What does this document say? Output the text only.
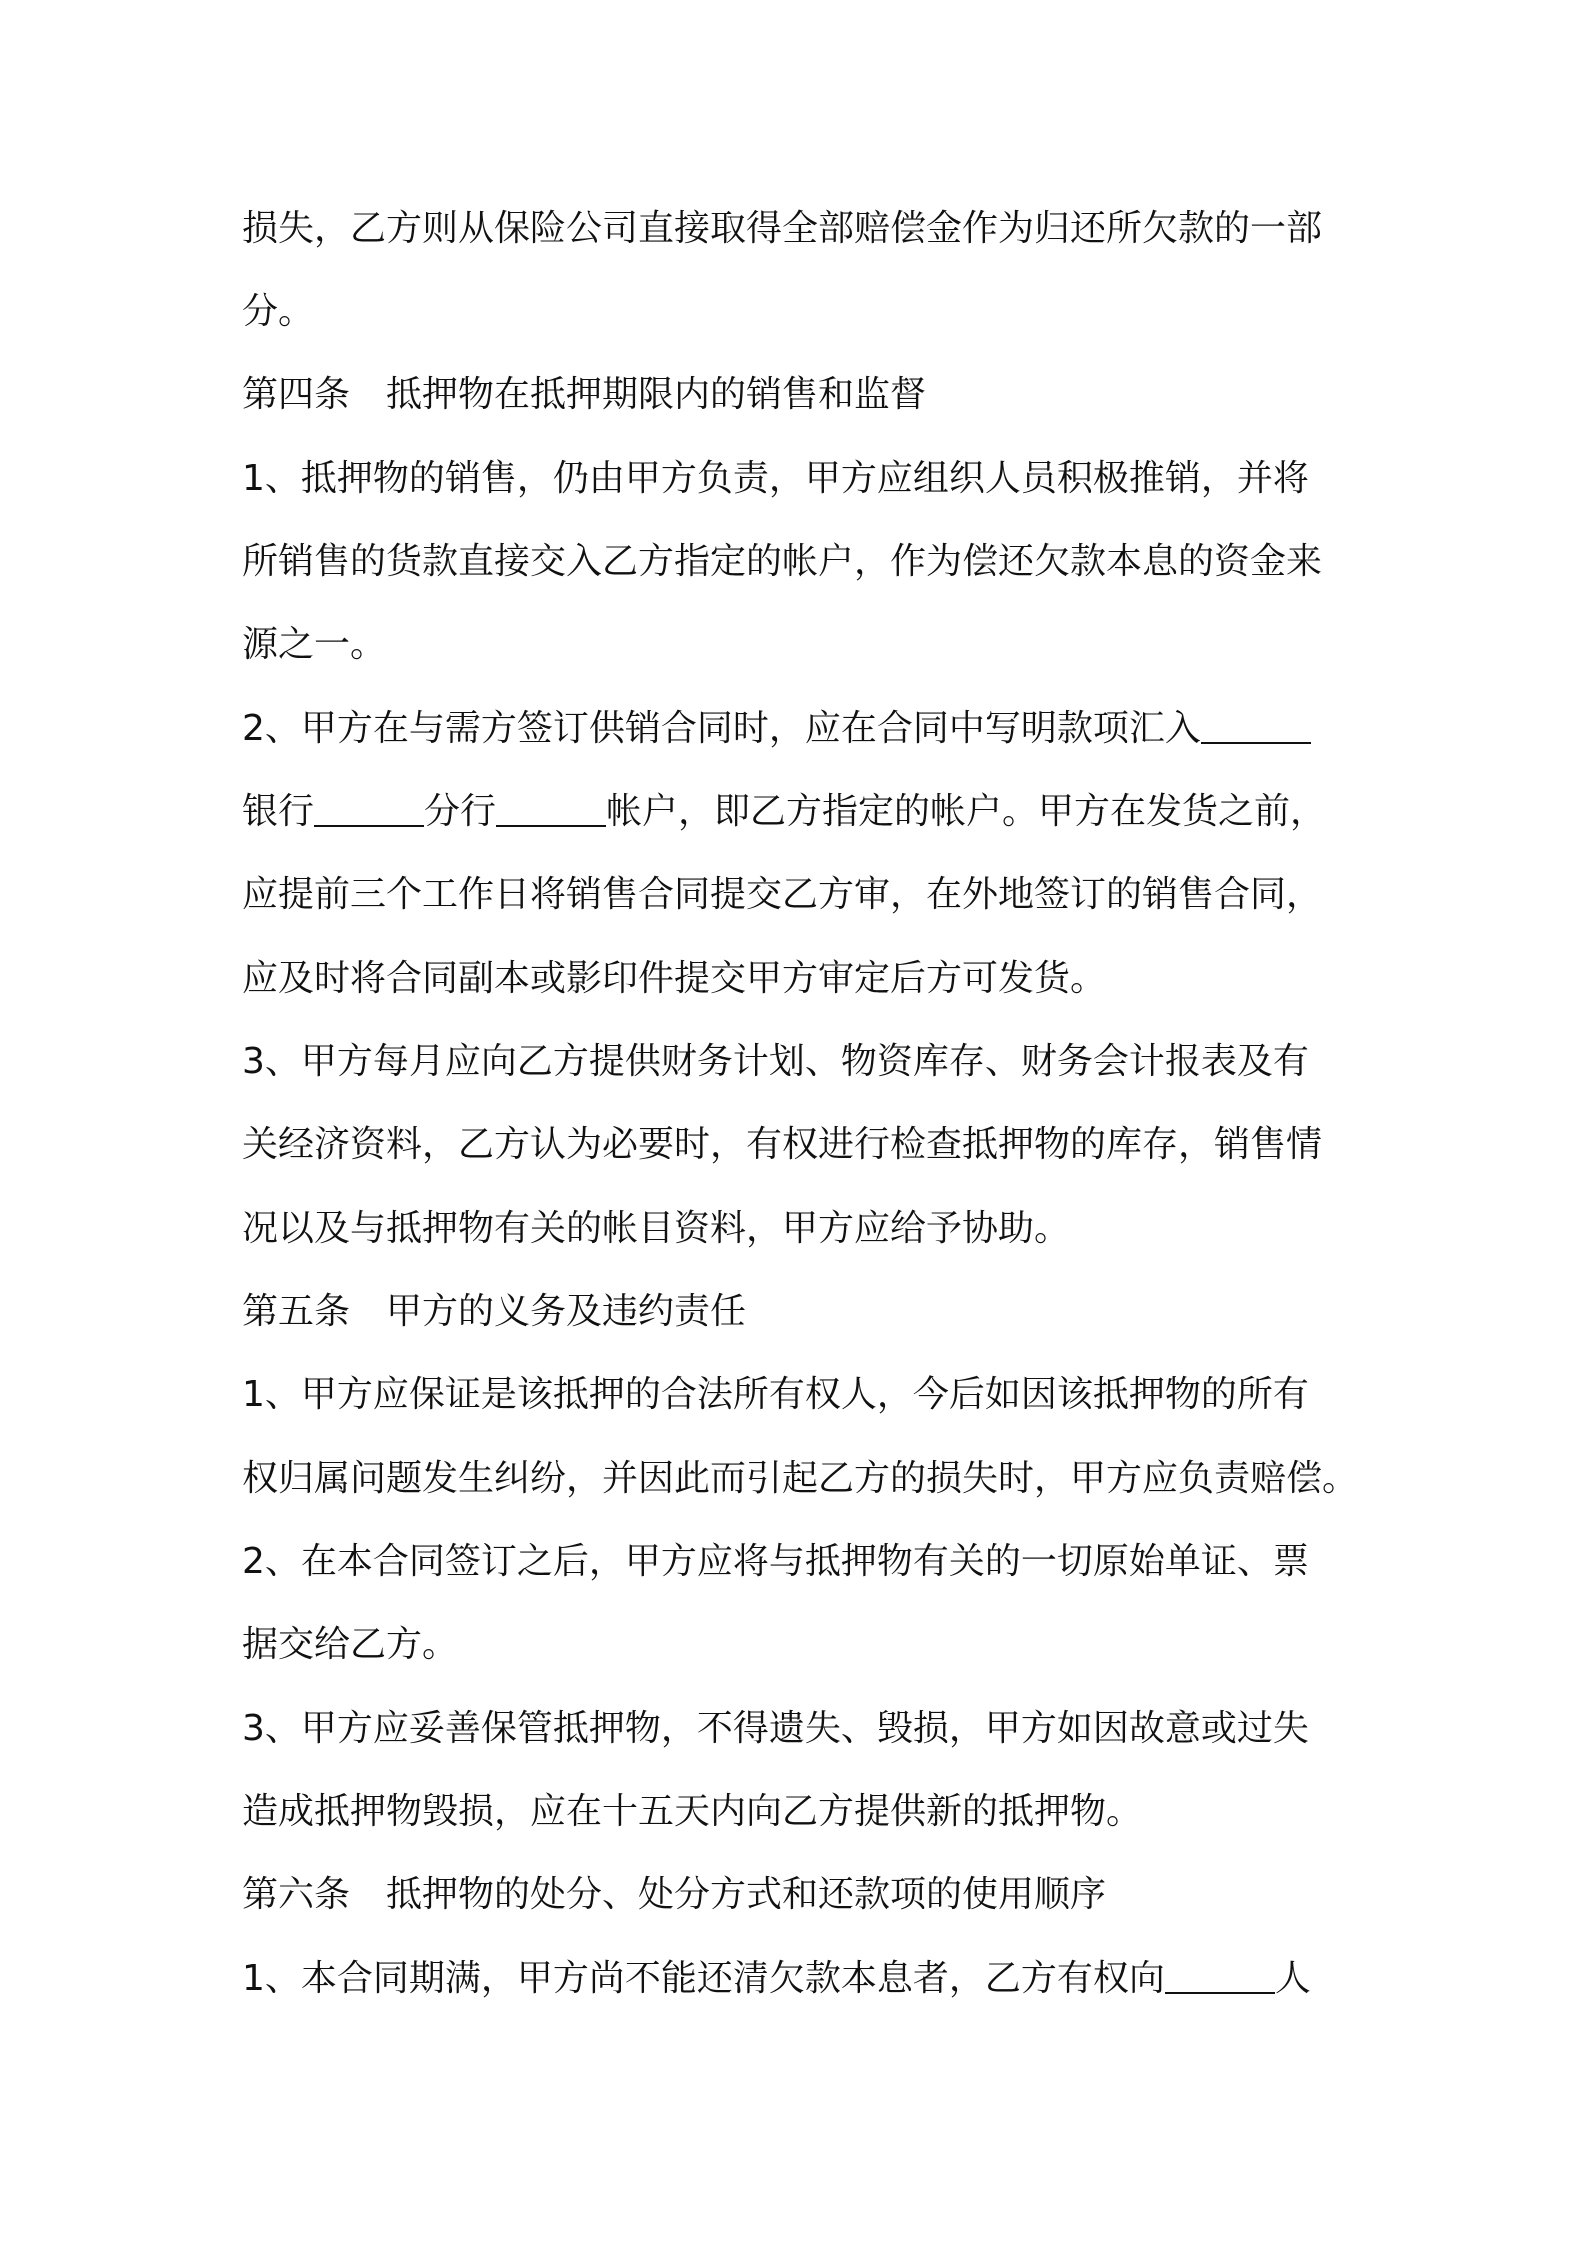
损失，乙方则从保险公司直接取得全部赔偿金作为归还所欠款的一部
分。
第四条 抵押物在抵押期限内的销售和监督
1、抵押物的销售，仍由甲方负责，甲方应组织人员积极推销，并将
所销售的货款直接交入乙方指定的帐户，作为偿还欠款本息的资金来
源之一。
2、甲方在与需方签订供销合同时，应在合同中写明款项汇入
银行	分行	帐户，即乙方指定的帐户。甲方在发货之前，
应提前三个工作日将销售合同提交乙方审，在外地签订的销售合同，
应及时将合同副本或影印件提交甲方审定后方可发货。
3、甲方每月应向乙方提供财务计划、物资库存、财务会计报表及有
关经济资料，乙方认为必要时，有权进行检查抵押物的库存，销售情
况以及与抵押物有关的帐目资料，甲方应给予协助。
第五条 甲方的义务及违约责任
1、甲方应保证是该抵押的合法所有权人，今后如因该抵押物的所有
权归属问题发生纠纷，并因此而引起乙方的损失时，甲方应负责赔偿。
2、在本合同签订之后，甲方应将与抵押物有关的一切原始单证、票
据交给乙方。
3、甲方应妥善保管抵押物，不得遗失、毁损，甲方如因故意或过失
造成抵押物毁损，应在十五天内向乙方提供新的抵押物。
第六条 抵押物的处分、处分方式和还款项的使用顺序
1、本合同期满，甲方尚不能还清欠款本息者，乙方有权向	人
